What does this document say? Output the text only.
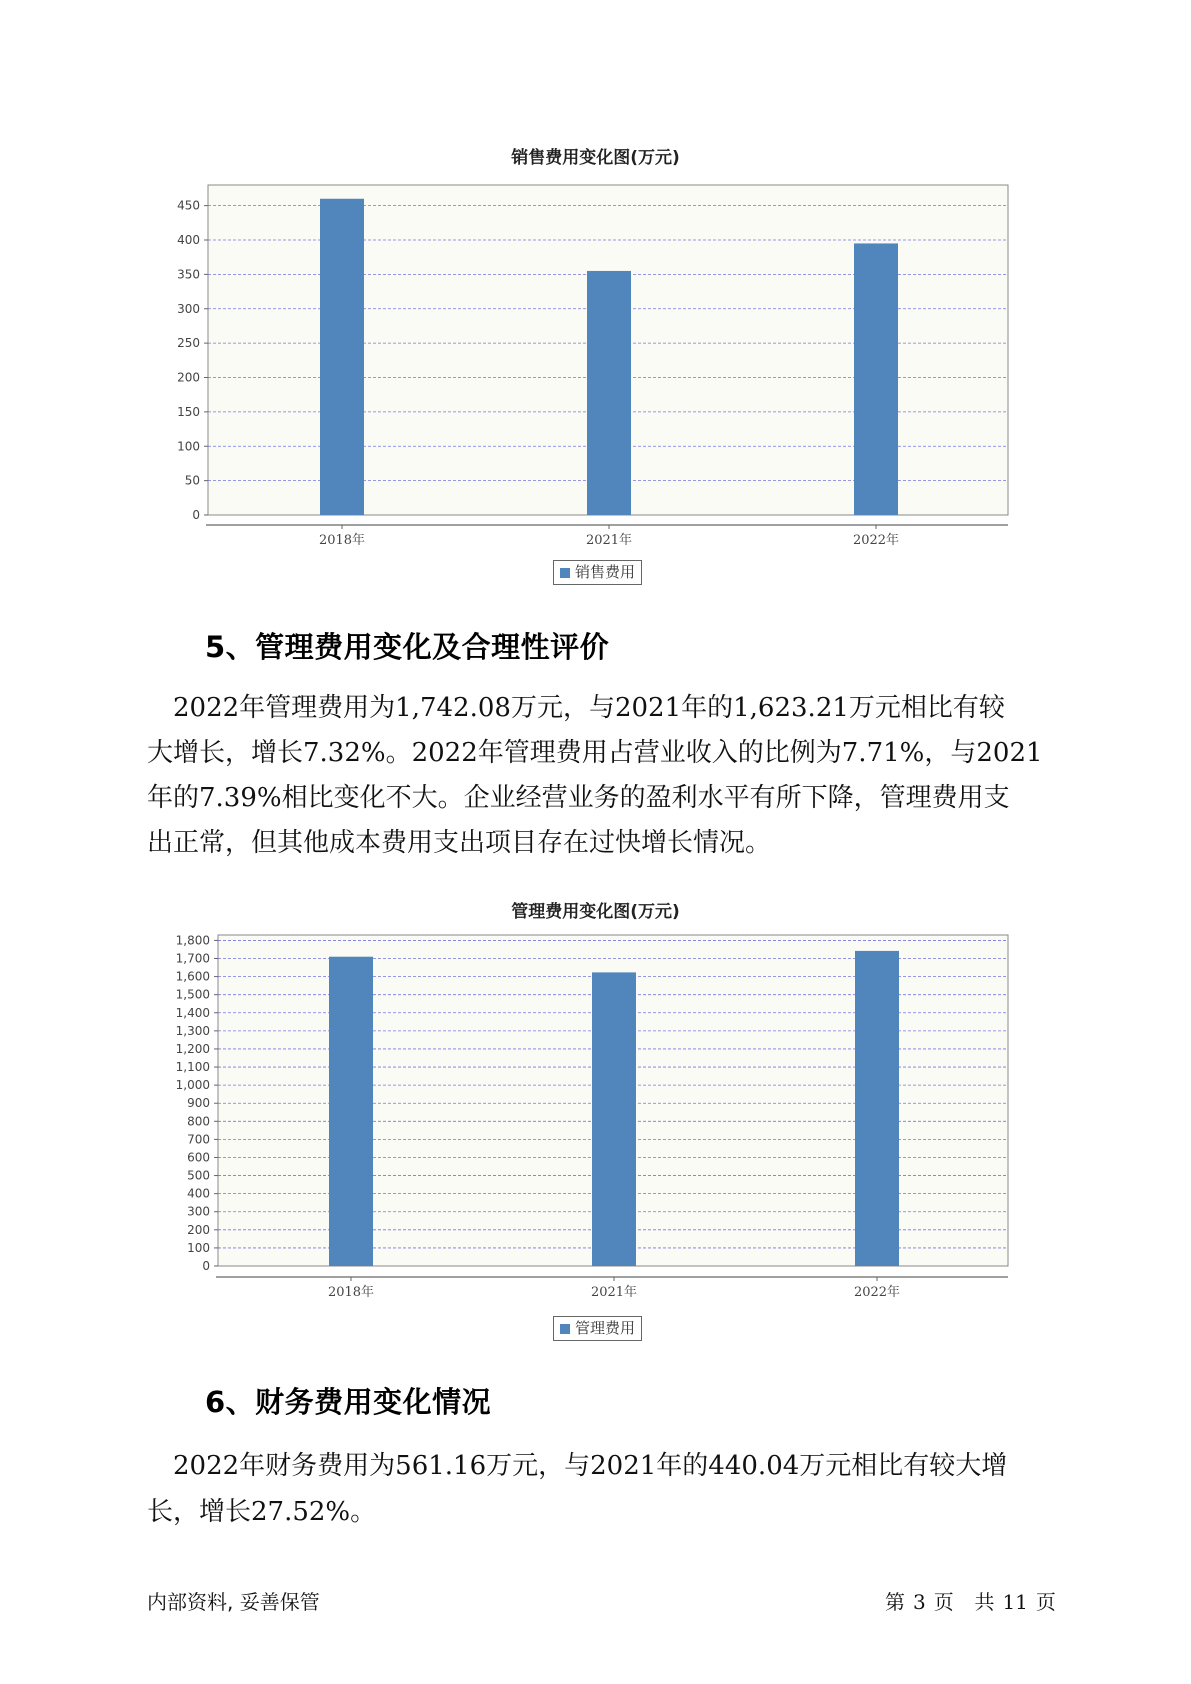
销售费用变化图(万元)
0
50
100
150
200
250
300
350
400
450
2018年	2021年	2022年
销售费用
5、管理费用变化及合理性评价
　2022年管理费用为1,742.08万元，与2021年的1,623.21万元相比有较
大增长，增长7.32%。2022年管理费用占营业收入的比例为7.71%，与2021
年的7.39%相比变化不大。企业经营业务的盈利水平有所下降，管理费用支
出正常，但其他成本费用支出项目存在过快增长情况。
管理费用变化图(万元)
0
100
200
300
400
500
600
700
800
900
1,000
1,100
1,200
1,300
1,400
1,500
1,600
1,700
1,800
2018年	2021年	2022年
管理费用
6、财务费用变化情况
　2022年财务费用为561.16万元，与2021年的440.04万元相比有较大增
长，增长27.52%。
内部资料, 妥善保管	第 3 页 共 11 页
